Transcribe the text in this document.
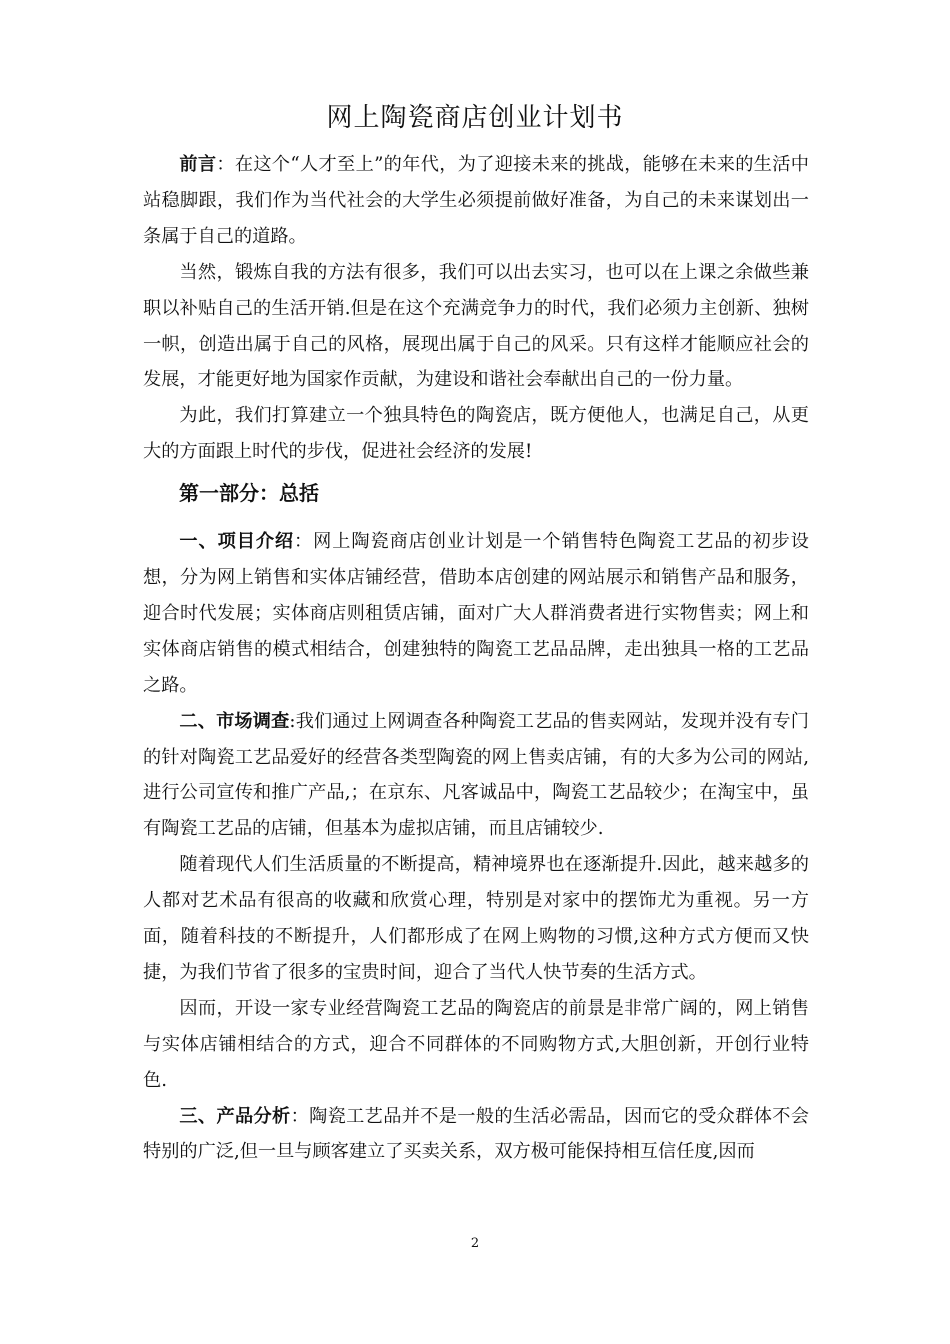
网上陶瓷商店创业计划书

前言：在这个“人才至上”的年代，为了迎接未来的挑战，能够在未来的生活中站稳脚跟，我们作为当代社会的大学生必须提前做好准备，为自己的未来谋划出一条属于自己的道路。

当然，锻炼自我的方法有很多，我们可以出去实习，也可以在上课之余做些兼职以补贴自己的生活开销.但是在这个充满竞争力的时代，我们必须力主创新、独树一帜，创造出属于自己的风格，展现出属于自己的风采。只有这样才能顺应社会的发展，才能更好地为国家作贡献，为建设和谐社会奉献出自己的一份力量。

为此，我们打算建立一个独具特色的陶瓷店，既方便他人，也满足自己，从更大的方面跟上时代的步伐，促进社会经济的发展!

第一部分：总括

一、项目介绍：网上陶瓷商店创业计划是一个销售特色陶瓷工艺品的初步设想，分为网上销售和实体店铺经营，借助本店创建的网站展示和销售产品和服务，迎合时代发展；实体商店则租赁店铺，面对广大人群消费者进行实物售卖；网上和实体商店销售的模式相结合，创建独特的陶瓷工艺品品牌，走出独具一格的工艺品之路。

二、市场调查:我们通过上网调查各种陶瓷工艺品的售卖网站，发现并没有专门的针对陶瓷工艺品爱好的经营各类型陶瓷的网上售卖店铺，有的大多为公司的网站,进行公司宣传和推广产品,；在京东、凡客诚品中，陶瓷工艺品较少；在淘宝中，虽有陶瓷工艺品的店铺，但基本为虚拟店铺，而且店铺较少.

随着现代人们生活质量的不断提高，精神境界也在逐渐提升.因此，越来越多的人都对艺术品有很高的收藏和欣赏心理，特别是对家中的摆饰尤为重视。另一方面，随着科技的不断提升，人们都形成了在网上购物的习惯,这种方式方便而又快捷，为我们节省了很多的宝贵时间，迎合了当代人快节奏的生活方式。

因而，开设一家专业经营陶瓷工艺品的陶瓷店的前景是非常广阔的，网上销售与实体店铺相结合的方式，迎合不同群体的不同购物方式,大胆创新，开创行业特色.

三、产品分析：陶瓷工艺品并不是一般的生活必需品，因而它的受众群体不会特别的广泛,但一旦与顾客建立了买卖关系，双方极可能保持相互信任度,因而

2
